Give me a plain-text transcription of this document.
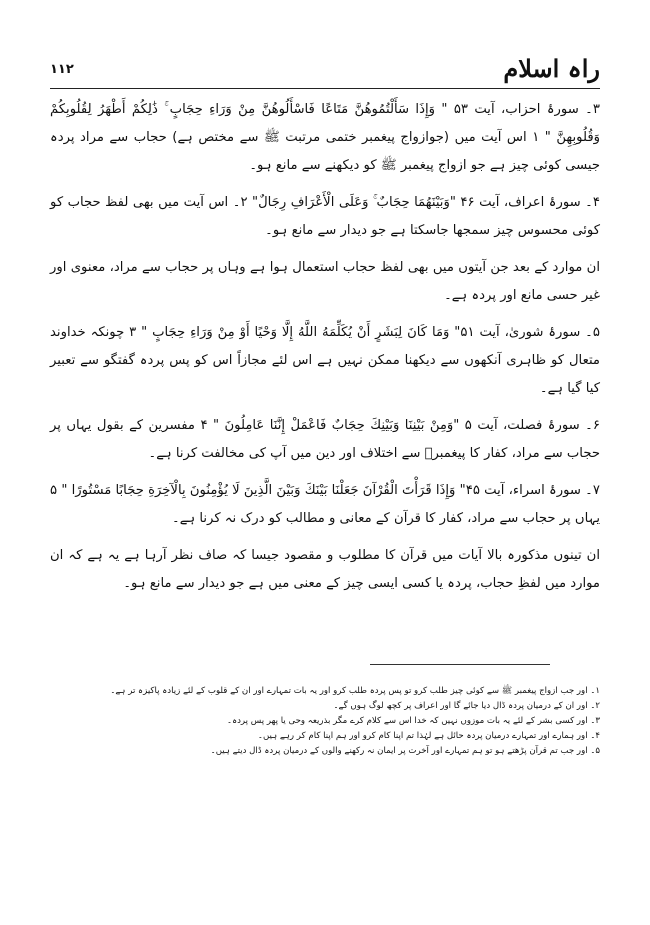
راہ اسلام
۱۱۲

۳۔ سورۂ احزاب، آیت ۵۳ " وَإِذَا سَأَلْتُمُوهُنَّ مَتَاعًا فَاسْأَلُوهُنَّ مِنْ وَرَاءِ حِجَابٍ ۚ ذَٰلِكُمْ أَطْهَرُ لِقُلُوبِكُمْ وَقُلُوبِهِنَّ " ۱ اس آیت میں (جوازواج پیغمبر ختمی مرتبت ﷺ سے مختص ہے) حجاب سے مراد پردہ جیسی کوئی چیز ہے جو ازواج پیغمبر ﷺ کو دیکھنے سے مانع ہو۔

۴۔ سورۂ اعراف، آیت ۴۶ "وَبَيْنَهُمَا حِجَابٌ ۚ وَعَلَى الْأَعْرَافِ رِجَالٌ" ۲۔ اس آیت میں بھی لفظ حجاب کو کوئی محسوس چیز سمجھا جاسکتا ہے جو دیدار سے مانع ہو۔

ان موارد کے بعد جن آیتوں میں بھی لفظ حجاب استعمال ہوا ہے وہاں پر حجاب سے مراد، معنوی اور غیر حسی مانع اور پردہ ہے۔

۵۔ سورۂ شوریٰ، آیت ۵۱" وَمَا كَانَ لِبَشَرٍ أَنْ يُكَلِّمَهُ اللَّهُ إِلَّا وَحْيًا أَوْ مِنْ وَرَاءِ حِجَابٍ " ۳ چونکہ خداوند متعال کو ظاہری آنکھوں سے دیکھنا ممکن نہیں ہے اس لئے مجازاً اس کو پس پردہ گفتگو سے تعبیر کیا گیا ہے۔

۶۔ سورۂ فصلت، آیت ۵ "وَمِنْ بَيْنِنَا وَبَيْنِكَ حِجَابٌ فَاعْمَلْ إِنَّنَا عَامِلُونَ " ۴ مفسرین کے بقول یہاں پر حجاب سے مراد، کفار کا پیغمبرؐ سے اختلاف اور دین میں آپ کی مخالفت کرنا ہے۔

۷۔ سورۂ اسراء، آیت ۴۵" وَإِذَا قَرَأْتَ الْقُرْآنَ جَعَلْنَا بَيْنَكَ وَبَيْنَ الَّذِينَ لَا يُؤْمِنُونَ بِالْآخِرَةِ حِجَابًا مَسْتُورًا " ۵ یہاں پر حجاب سے مراد، کفار کا قرآن کے معانی و مطالب کو درک نہ کرنا ہے۔

ان تینوں مذکورہ بالا آیات میں قرآن کا مطلوب و مقصود جیسا کہ صاف نظر آرہا ہے یہ ہے کہ ان موارد میں لفظِ حجاب، پردہ یا کسی ایسی چیز کے معنی میں ہے جو دیدار سے مانع ہو۔

۱۔ اور جب ازواج پیغمبر ﷺ سے کوئی چیز طلب کرو تو پس پردہ طلب کرو اور یہ بات تمہارے اور ان کے قلوب کے لئے زیادہ پاکیزہ تر ہے۔

۲۔ اور ان کے درمیان پردہ ڈال دیا جائے گا اور اعراف پر کچھ لوگ ہوں گے۔

۳۔ اور کسی بشر کے لئے یہ بات موزوں نہیں کہ خدا اس سے کلام کرے مگر بذریعہ وحی یا پھر پس پردہ۔

۴۔ اور ہمارے اور تمہارے درمیان پردہ حائل ہے لہٰذا تم اپنا کام کرو اور ہم اپنا کام کر رہے ہیں۔

۵۔ اور جب تم قرآن پڑھتے ہو تو ہم تمہارے اور آخرت پر ایمان نہ رکھنے والوں کے درمیان پردہ ڈال دیتے ہیں۔
